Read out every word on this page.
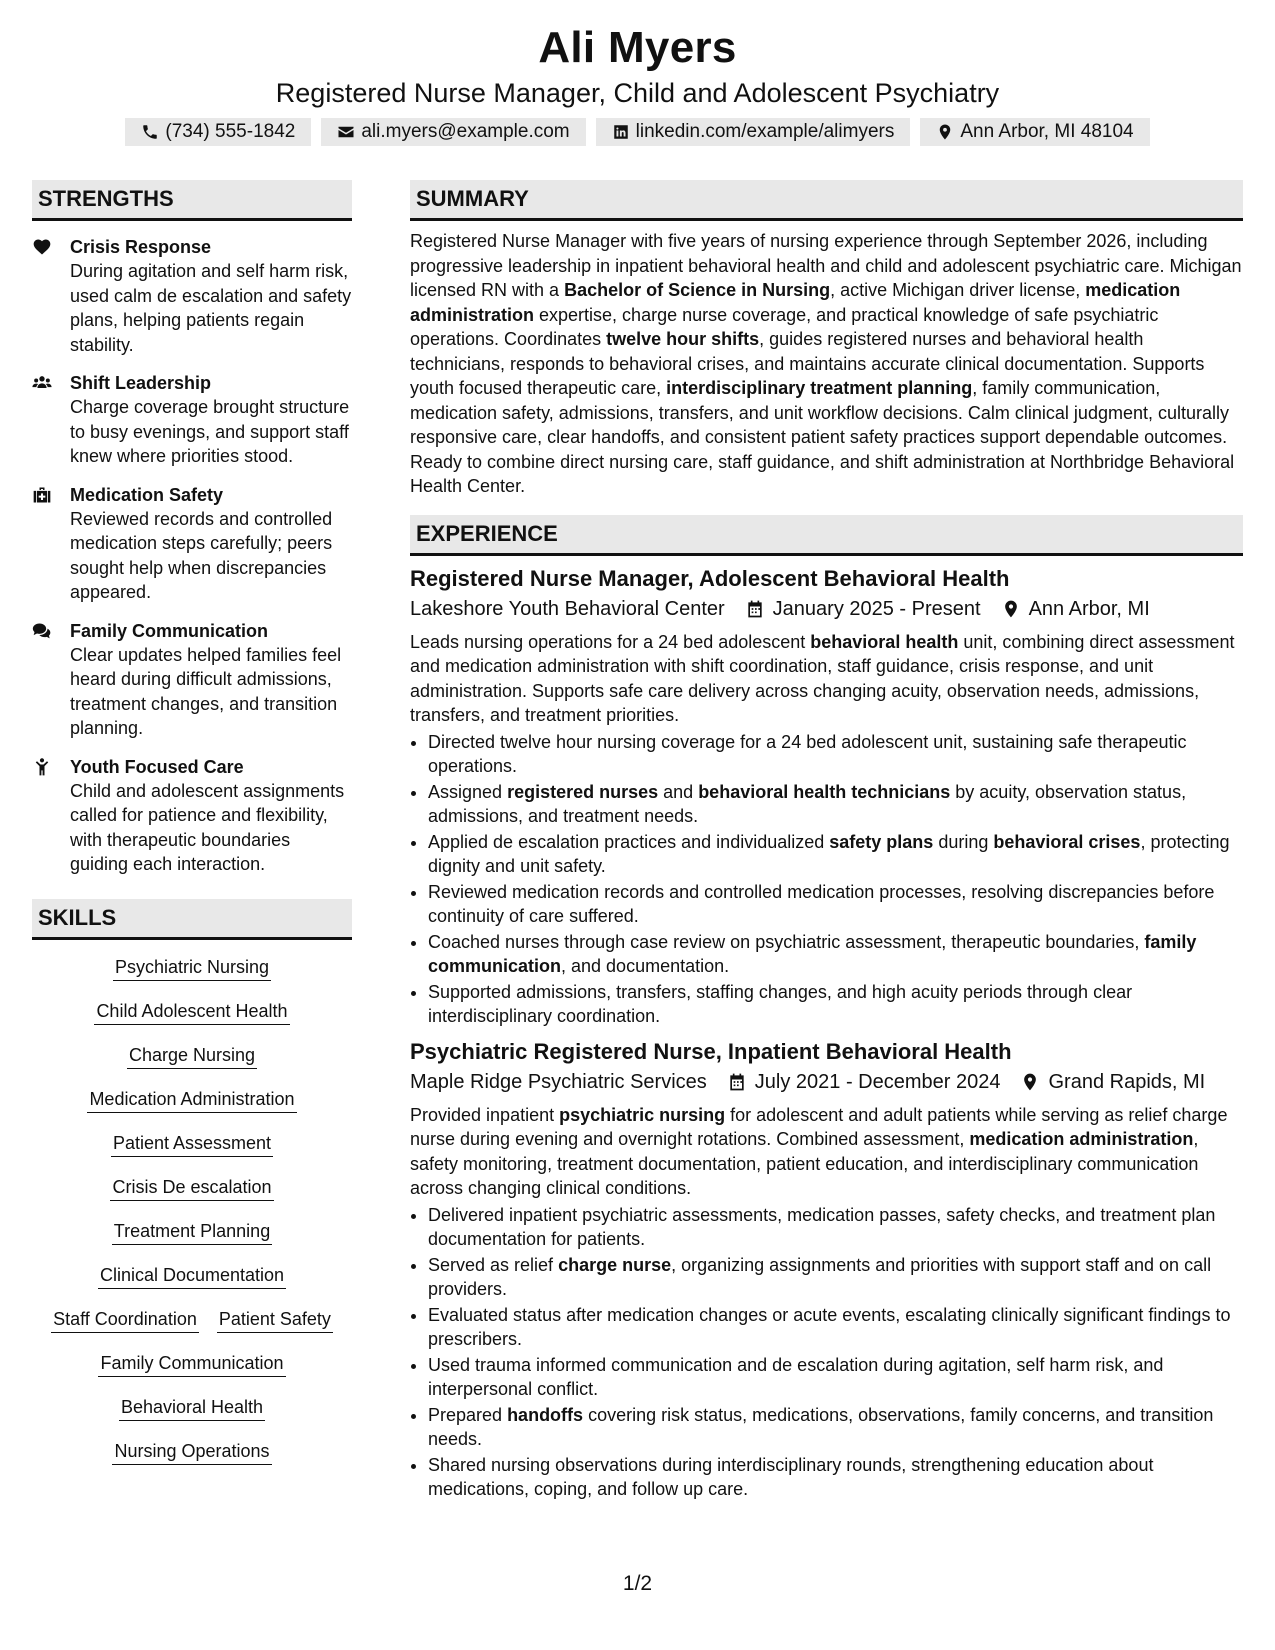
Ali Myers
Registered Nurse Manager, Child and Adolescent Psychiatry
(734) 555-1842	ali.myers@example.com	linkedin.com/example/alimyers	Ann Arbor, MI 48104
STRENGTHS
Crisis Response
During agitation and self harm risk, used calm de escalation and safety plans, helping patients regain stability.
Shift Leadership
Charge coverage brought structure to busy evenings, and support staff knew where priorities stood.
Medication Safety
Reviewed records and controlled medication steps carefully; peers sought help when discrepancies appeared.
Family Communication
Clear updates helped families feel heard during difficult admissions, treatment changes, and transition planning.
Youth Focused Care
Child and adolescent assignments called for patience and flexibility, with therapeutic boundaries guiding each interaction.
SKILLS
Psychiatric Nursing
Child Adolescent Health
Charge Nursing
Medication Administration
Patient Assessment
Crisis De escalation
Treatment Planning
Clinical Documentation
Staff Coordination Patient Safety
Family Communication
Behavioral Health
Nursing Operations
SUMMARY
Registered Nurse Manager with five years of nursing experience through September 2026, including progressive leadership in inpatient behavioral health and child and adolescent psychiatric care. Michigan licensed RN with a Bachelor of Science in Nursing, active Michigan driver license, medication administration expertise, charge nurse coverage, and practical knowledge of safe psychiatric operations. Coordinates twelve hour shifts, guides registered nurses and behavioral health technicians, responds to behavioral crises, and maintains accurate clinical documentation. Supports youth focused therapeutic care, interdisciplinary treatment planning, family communication, medication safety, admissions, transfers, and unit workflow decisions. Calm clinical judgment, culturally responsive care, clear handoffs, and consistent patient safety practices support dependable outcomes. Ready to combine direct nursing care, staff guidance, and shift administration at Northbridge Behavioral Health Center.
EXPERIENCE
Registered Nurse Manager, Adolescent Behavioral Health
Lakeshore Youth Behavioral Center January 2025 - Present Ann Arbor, MI
Leads nursing operations for a 24 bed adolescent behavioral health unit, combining direct assessment and medication administration with shift coordination, staff guidance, crisis response, and unit administration. Supports safe care delivery across changing acuity, observation needs, admissions, transfers, and treatment priorities.
• Directed twelve hour nursing coverage for a 24 bed adolescent unit, sustaining safe therapeutic operations.
• Assigned registered nurses and behavioral health technicians by acuity, observation status, admissions, and treatment needs.
• Applied de escalation practices and individualized safety plans during behavioral crises, protecting dignity and unit safety.
• Reviewed medication records and controlled medication processes, resolving discrepancies before continuity of care suffered.
• Coached nurses through case review on psychiatric assessment, therapeutic boundaries, family communication, and documentation.
• Supported admissions, transfers, staffing changes, and high acuity periods through clear interdisciplinary coordination.
Psychiatric Registered Nurse, Inpatient Behavioral Health
Maple Ridge Psychiatric Services July 2021 - December 2024 Grand Rapids, MI
Provided inpatient psychiatric nursing for adolescent and adult patients while serving as relief charge nurse during evening and overnight rotations. Combined assessment, medication administration, safety monitoring, treatment documentation, patient education, and interdisciplinary communication across changing clinical conditions.
• Delivered inpatient psychiatric assessments, medication passes, safety checks, and treatment plan documentation for patients.
• Served as relief charge nurse, organizing assignments and priorities with support staff and on call providers.
• Evaluated status after medication changes or acute events, escalating clinically significant findings to prescribers.
• Used trauma informed communication and de escalation during agitation, self harm risk, and interpersonal conflict.
• Prepared handoffs covering risk status, medications, observations, family concerns, and transition needs.
• Shared nursing observations during interdisciplinary rounds, strengthening education about medications, coping, and follow up care.
1/2
